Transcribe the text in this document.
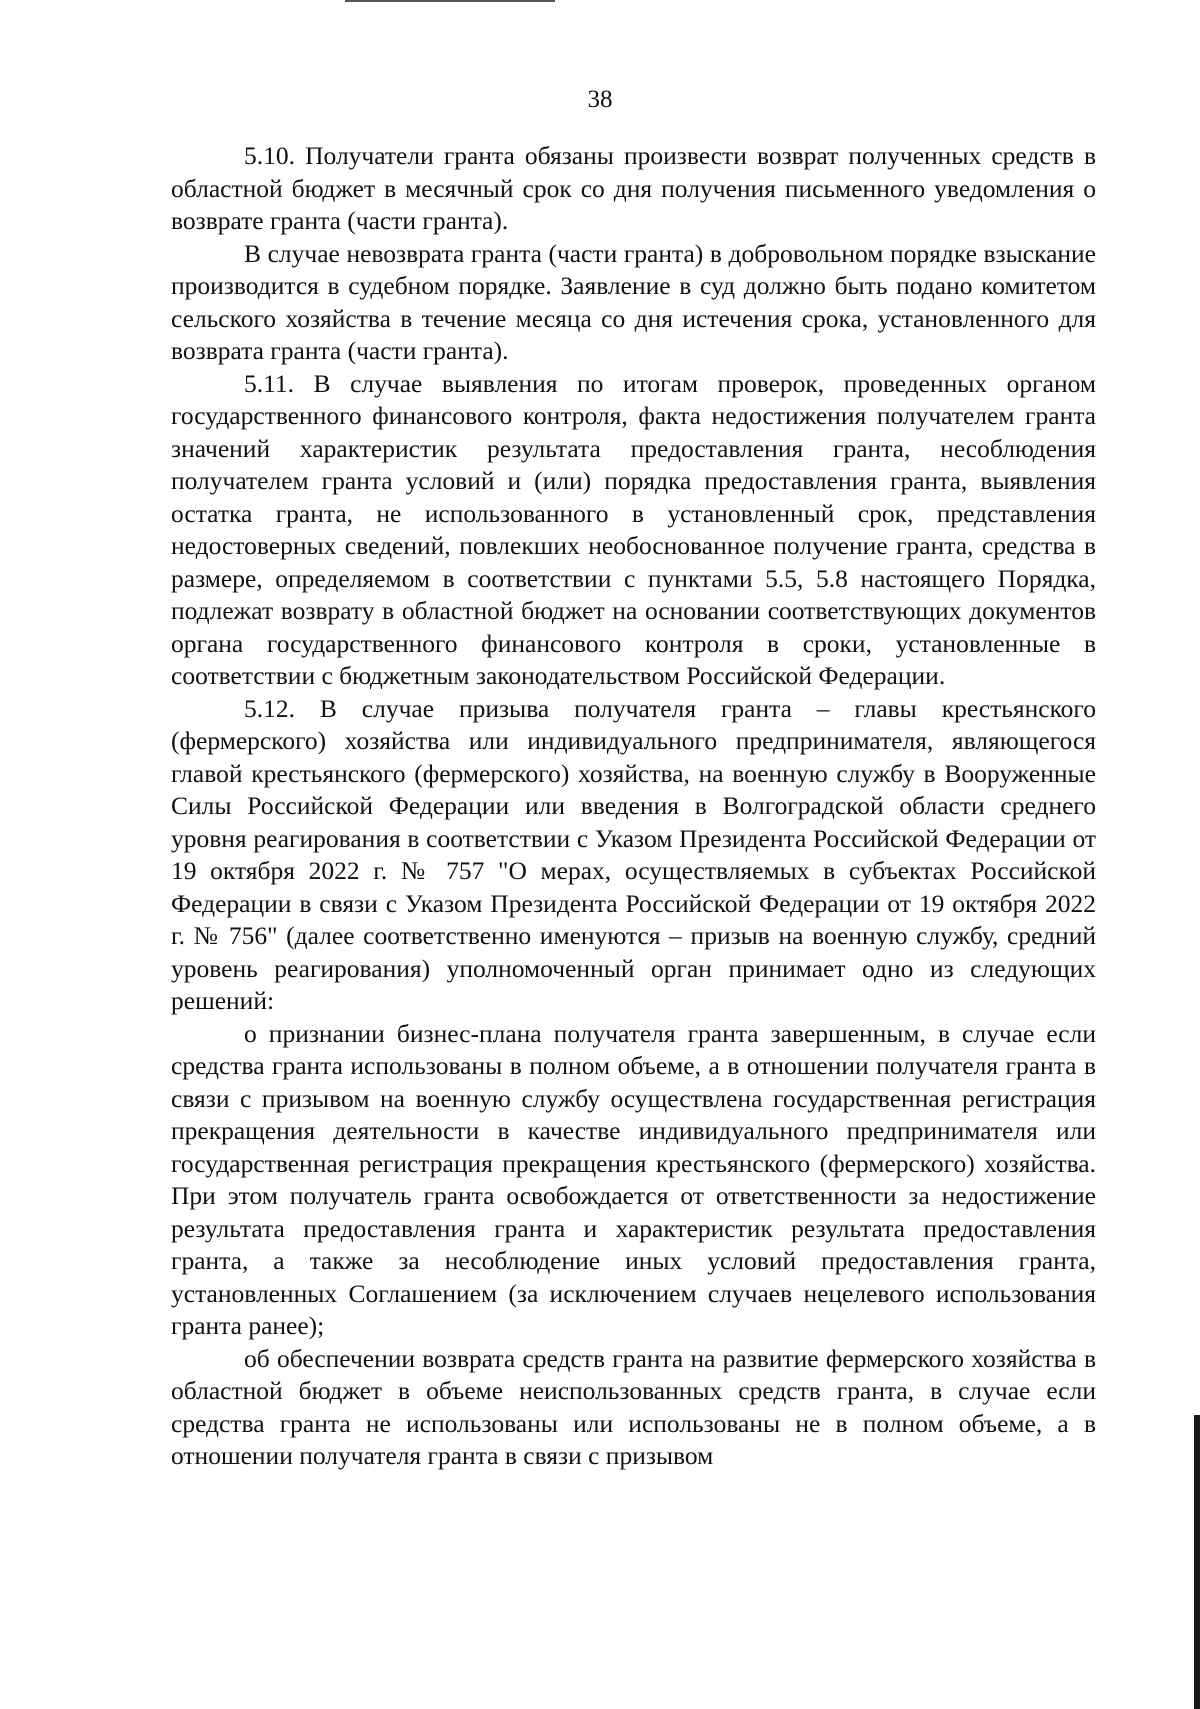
38

5.10. Получатели гранта обязаны произвести возврат полученных средств в областной бюджет в месячный срок со дня получения письменного уведомления о возврате гранта (части гранта).

В случае невозврата гранта (части гранта) в добровольном порядке взыскание производится в судебном порядке. Заявление в суд должно быть подано комитетом сельского хозяйства в течение месяца со дня истечения срока, установленного для возврата гранта (части гранта).

5.11. В случае выявления по итогам проверок, проведенных органом государственного финансового контроля, факта недостижения получателем гранта значений характеристик результата предоставления гранта, несоблюдения получателем гранта условий и (или) порядка предоставления гранта, выявления остатка гранта, не использованного в установленный срок, представления недостоверных сведений, повлекших необоснованное получение гранта, средства в размере, определяемом в соответствии с пунктами 5.5, 5.8 настоящего Порядка, подлежат возврату в областной бюджет на основании соответствующих документов органа государственного финансового контроля в сроки, установленные в соответствии с бюджетным законодательством Российской Федерации.

5.12. В случае призыва получателя гранта – главы крестьянского (фермерского) хозяйства или индивидуального предпринимателя, являющегося главой крестьянского (фермерского) хозяйства, на военную службу в Вооруженные Силы Российской Федерации или введения в Волгоградской области среднего уровня реагирования в соответствии с Указом Президента Российской Федерации от 19 октября 2022 г. № 757 "О мерах, осуществляемых в субъектах Российской Федерации в связи с Указом Президента Российской Федерации от 19 октября 2022 г. № 756" (далее соответственно именуются – призыв на военную службу, средний уровень реагирования) уполномоченный орган принимает одно из следующих решений:

о признании бизнес-плана получателя гранта завершенным, в случае если средства гранта использованы в полном объеме, а в отношении получателя гранта в связи с призывом на военную службу осуществлена государственная регистрация прекращения деятельности в качестве индивидуального предпринимателя или государственная регистрация прекращения крестьянского (фермерского) хозяйства. При этом получатель гранта освобождается от ответственности за недостижение результата предоставления гранта и характеристик результата предоставления гранта, а также за несоблюдение иных условий предоставления гранта, установленных Соглашением (за исключением случаев нецелевого использования гранта ранее);

об обеспечении возврата средств гранта на развитие фермерского хозяйства в областной бюджет в объеме неиспользованных средств гранта, в случае если средства гранта не использованы или использованы не в полном объеме, а в отношении получателя гранта в связи с призывом
